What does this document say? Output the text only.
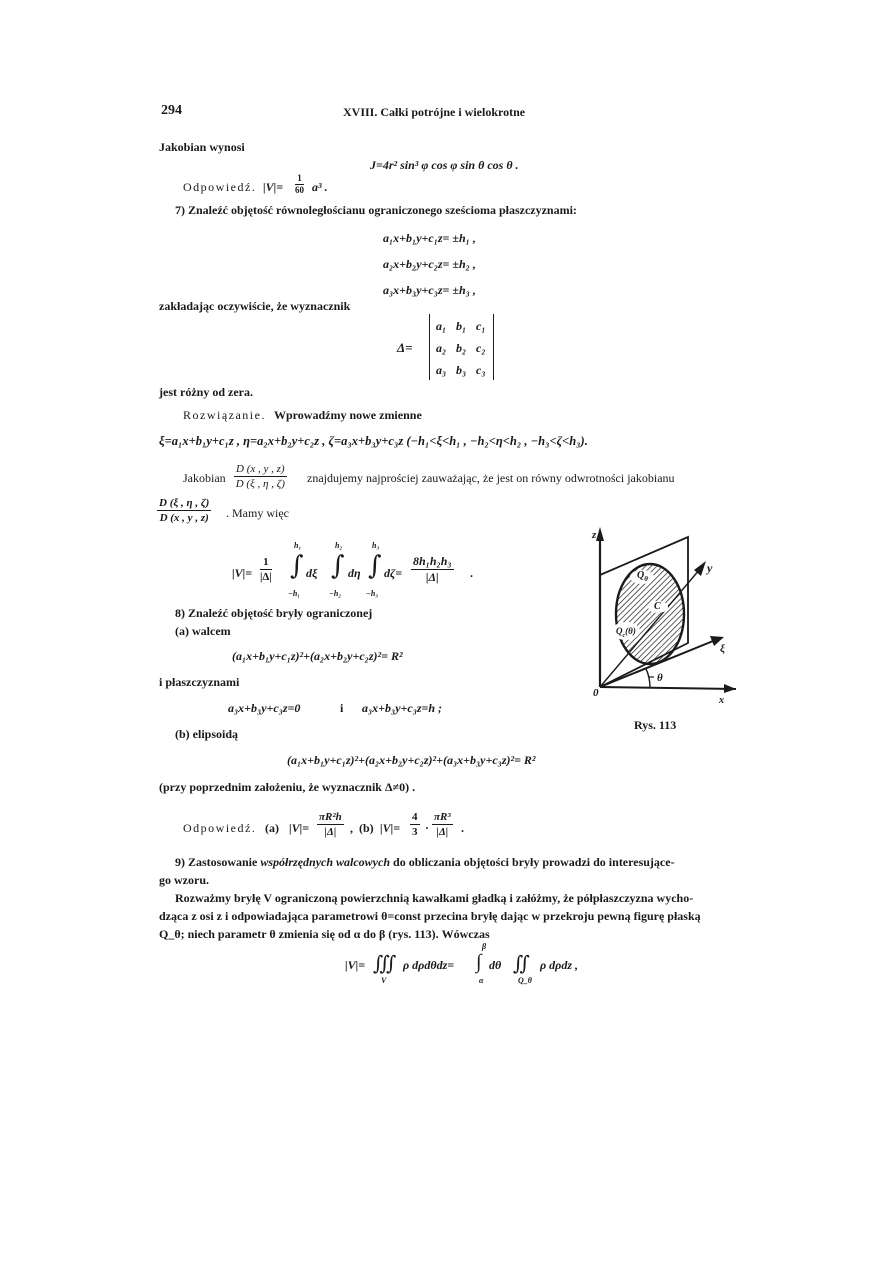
294	XVIII. Całki potrójne i wielokrotne
Jakobian wynosi
J=4r² sin³ φ cos φ sin θ cos θ .
Odpowiedź. $|V|= \frac{1}{60} a^3$ .
7) Znaleźć objętość równoległościanu ograniczonego sześciomа płaszczyznami:
a₁x+b₁y+c₁z= ±h₁ ,
a₂x+b₂y+c₂z= ±h₂ ,
a₃x+b₃y+c₃z= ±h₃ ,
zakładając oczywiście, że wyznacznik
Δ=
a₁ b₁ c₁
a₂ b₂ c₂
a₃ b₃ c₃
jest różny od zera.
Rozwiązanie. Wprowadźmy nowe zmienne
ξ=a₁x+b₁y+c₁z , η=a₂x+b₂y+c₂z , ζ=a₃x+b₃y+c₃z (−h₁<ξ<h₁ , −h₂<η<h₂ , −h₃<ζ<h₃).
Jakobian $\frac{D (x , y , z)}{D (\xi , \eta , \zeta)}$ znajdujemy najprościej zauważając, że jest on równy odwrotności jakobianu
$\frac{D (\xi , \eta , \zeta)}{D (x , y , z)}$ . Mamy więc
$|V|= \frac{1}{|\Delta|}$
h₁
∫
−h₁
dξ
h₂
∫
−h₂
dη
h₃
∫
−h₃
$d\zeta= \frac{\text{8h₁h₂h₃}}{|\Delta|}$ .
8) Znaleźć objętość bryły ograniczonej
(a) walcem
(a₁x+b₁y+c₁z)²+(a₂x+b₂y+c₂z)²= R²
i płaszczyznami
a₃x+b₃y+c₃z=0	i a₃x+b₃y+c₃z=h ;
(b) elipsoidą
(a₁x+b₁y+c₁z)²+(a₂x+b₂y+c₂z)²+(a₃x+b₃y+c₃z)²= R²
(przy poprzednim założeniu, że wyznacznik Δ≠0) .
Odpowiedź. (a) $|V|= \frac{\text{πR²h}}{|\Delta|}$ , (b) $|V|= \frac{4}{3} \cdot \frac{\text{πR³}}{|\Delta|}$ .
9) Zastosowanie współrzędnych walcowych do obliczania objętości bryły prowadzi do interesujące-
go wzoru.
Rozważmy bryłę V ograniczoną powierzchnią kawałkami gładką i załóżmy, że półpłaszczyzna wycho-
dząca z osi z i odpowiadająca parametrowi θ=const przecina bryłę dając w przekroju pewną figurę płaską
Q_θ; niech parametr θ zmienia się od α do β (rys. 113). Wówczas
|V|= ∭ ρ dρdθdz=
V
β
∫
α
dθ ∬ ρ dρdz ,
Q_θ
z
y
ξ
x
0
θ
$Q_\theta$
C
$Q_c(\theta)$
Rys. 113
